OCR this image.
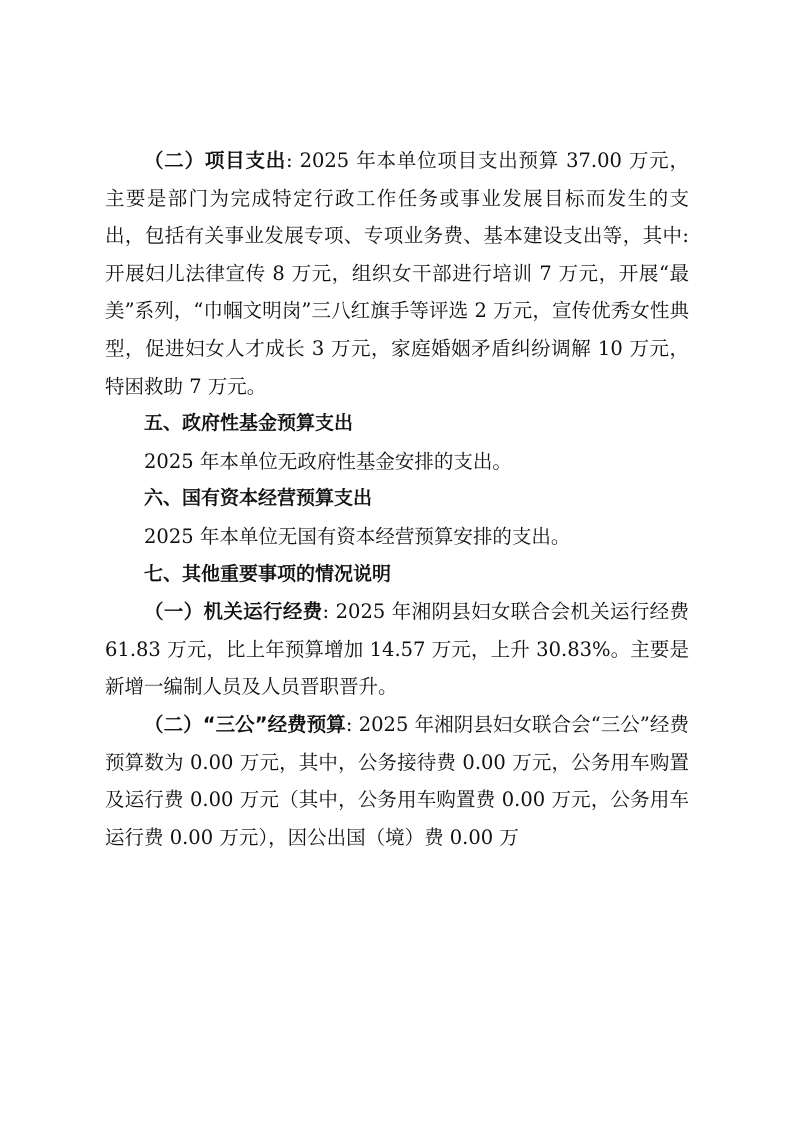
（二）项目支出: 2025 年本单位项目支出预算 37.00 万元，主要是部门为完成特定行政工作任务或事业发展目标而发生的支出，包括有关事业发展专项、专项业务费、基本建设支出等，其中: 开展妇儿法律宣传 8 万元，组织女干部进行培训 7 万元，开展“最美”系列，“巾帼文明岗”三八红旗手等评选 2 万元，宣传优秀女性典型，促进妇女人才成长 3 万元，家庭婚姻矛盾纠纷调解 10 万元，特困救助 7 万元。

五、政府性基金预算支出

2025 年本单位无政府性基金安排的支出。

六、国有资本经营预算支出

2025 年本单位无国有资本经营预算安排的支出。

七、其他重要事项的情况说明

（一）机关运行经费: 2025 年湘阴县妇女联合会机关运行经费 61.83 万元，比上年预算增加 14.57 万元，上升 30.83%。主要是新增一编制人员及人员晋职晋升。

（二）“三公”经费预算: 2025 年湘阴县妇女联合会“三公”经费预算数为 0.00 万元，其中，公务接待费 0.00 万元，公务用车购置及运行费 0.00 万元（其中，公务用车购置费 0.00 万元，公务用车运行费 0.00 万元），因公出国（境）费 0.00 万
